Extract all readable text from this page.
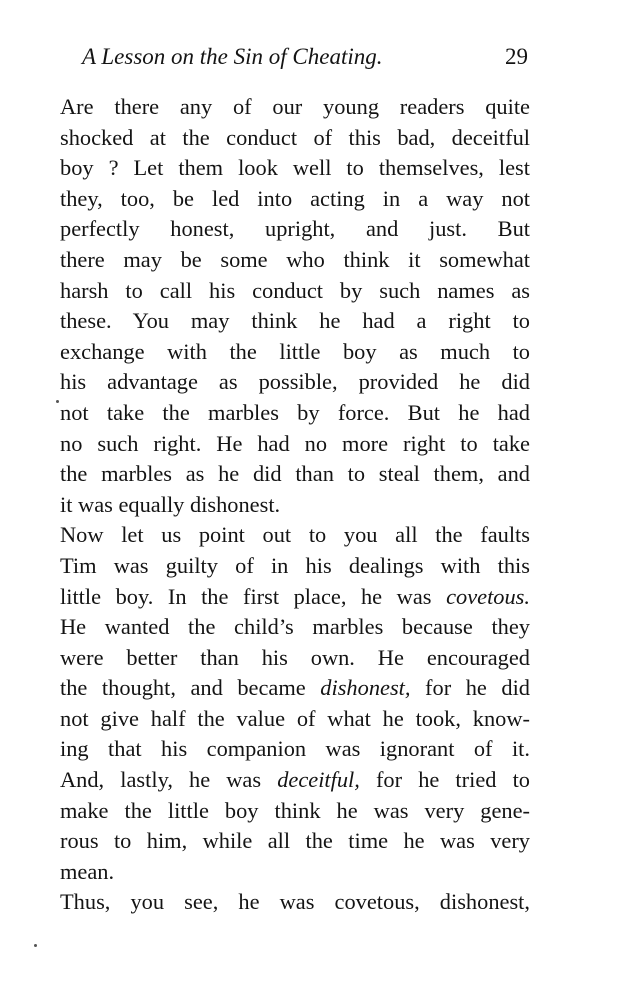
A Lesson on the Sin of Cheating.	29
Are there any of our young readers quite
shocked at the conduct of this bad, deceitful
boy ? Let them look well to themselves, lest
they, too, be led into acting in a way not
perfectly honest, upright, and just. But
there may be some who think it somewhat
harsh to call his conduct by such names as
these. You may think he had a right to
exchange with the little boy as much to
his advantage as possible, provided he did
not take the marbles by force. But he had
no such right. He had no more right to take
the marbles as he did than to steal them, and
it was equally dishonest.
Now let us point out to you all the faults
Tim was guilty of in his dealings with this
little boy. In the first place, he was covetous.
He wanted the child’s marbles because they
were better than his own. He encouraged
the thought, and became dishonest, for he did
not give half the value of what he took, know-
ing that his companion was ignorant of it.
And, lastly, he was deceitful, for he tried to
make the little boy think he was very gene-
rous to him, while all the time he was very
mean.
Thus, you see, he was covetous, dishonest,
